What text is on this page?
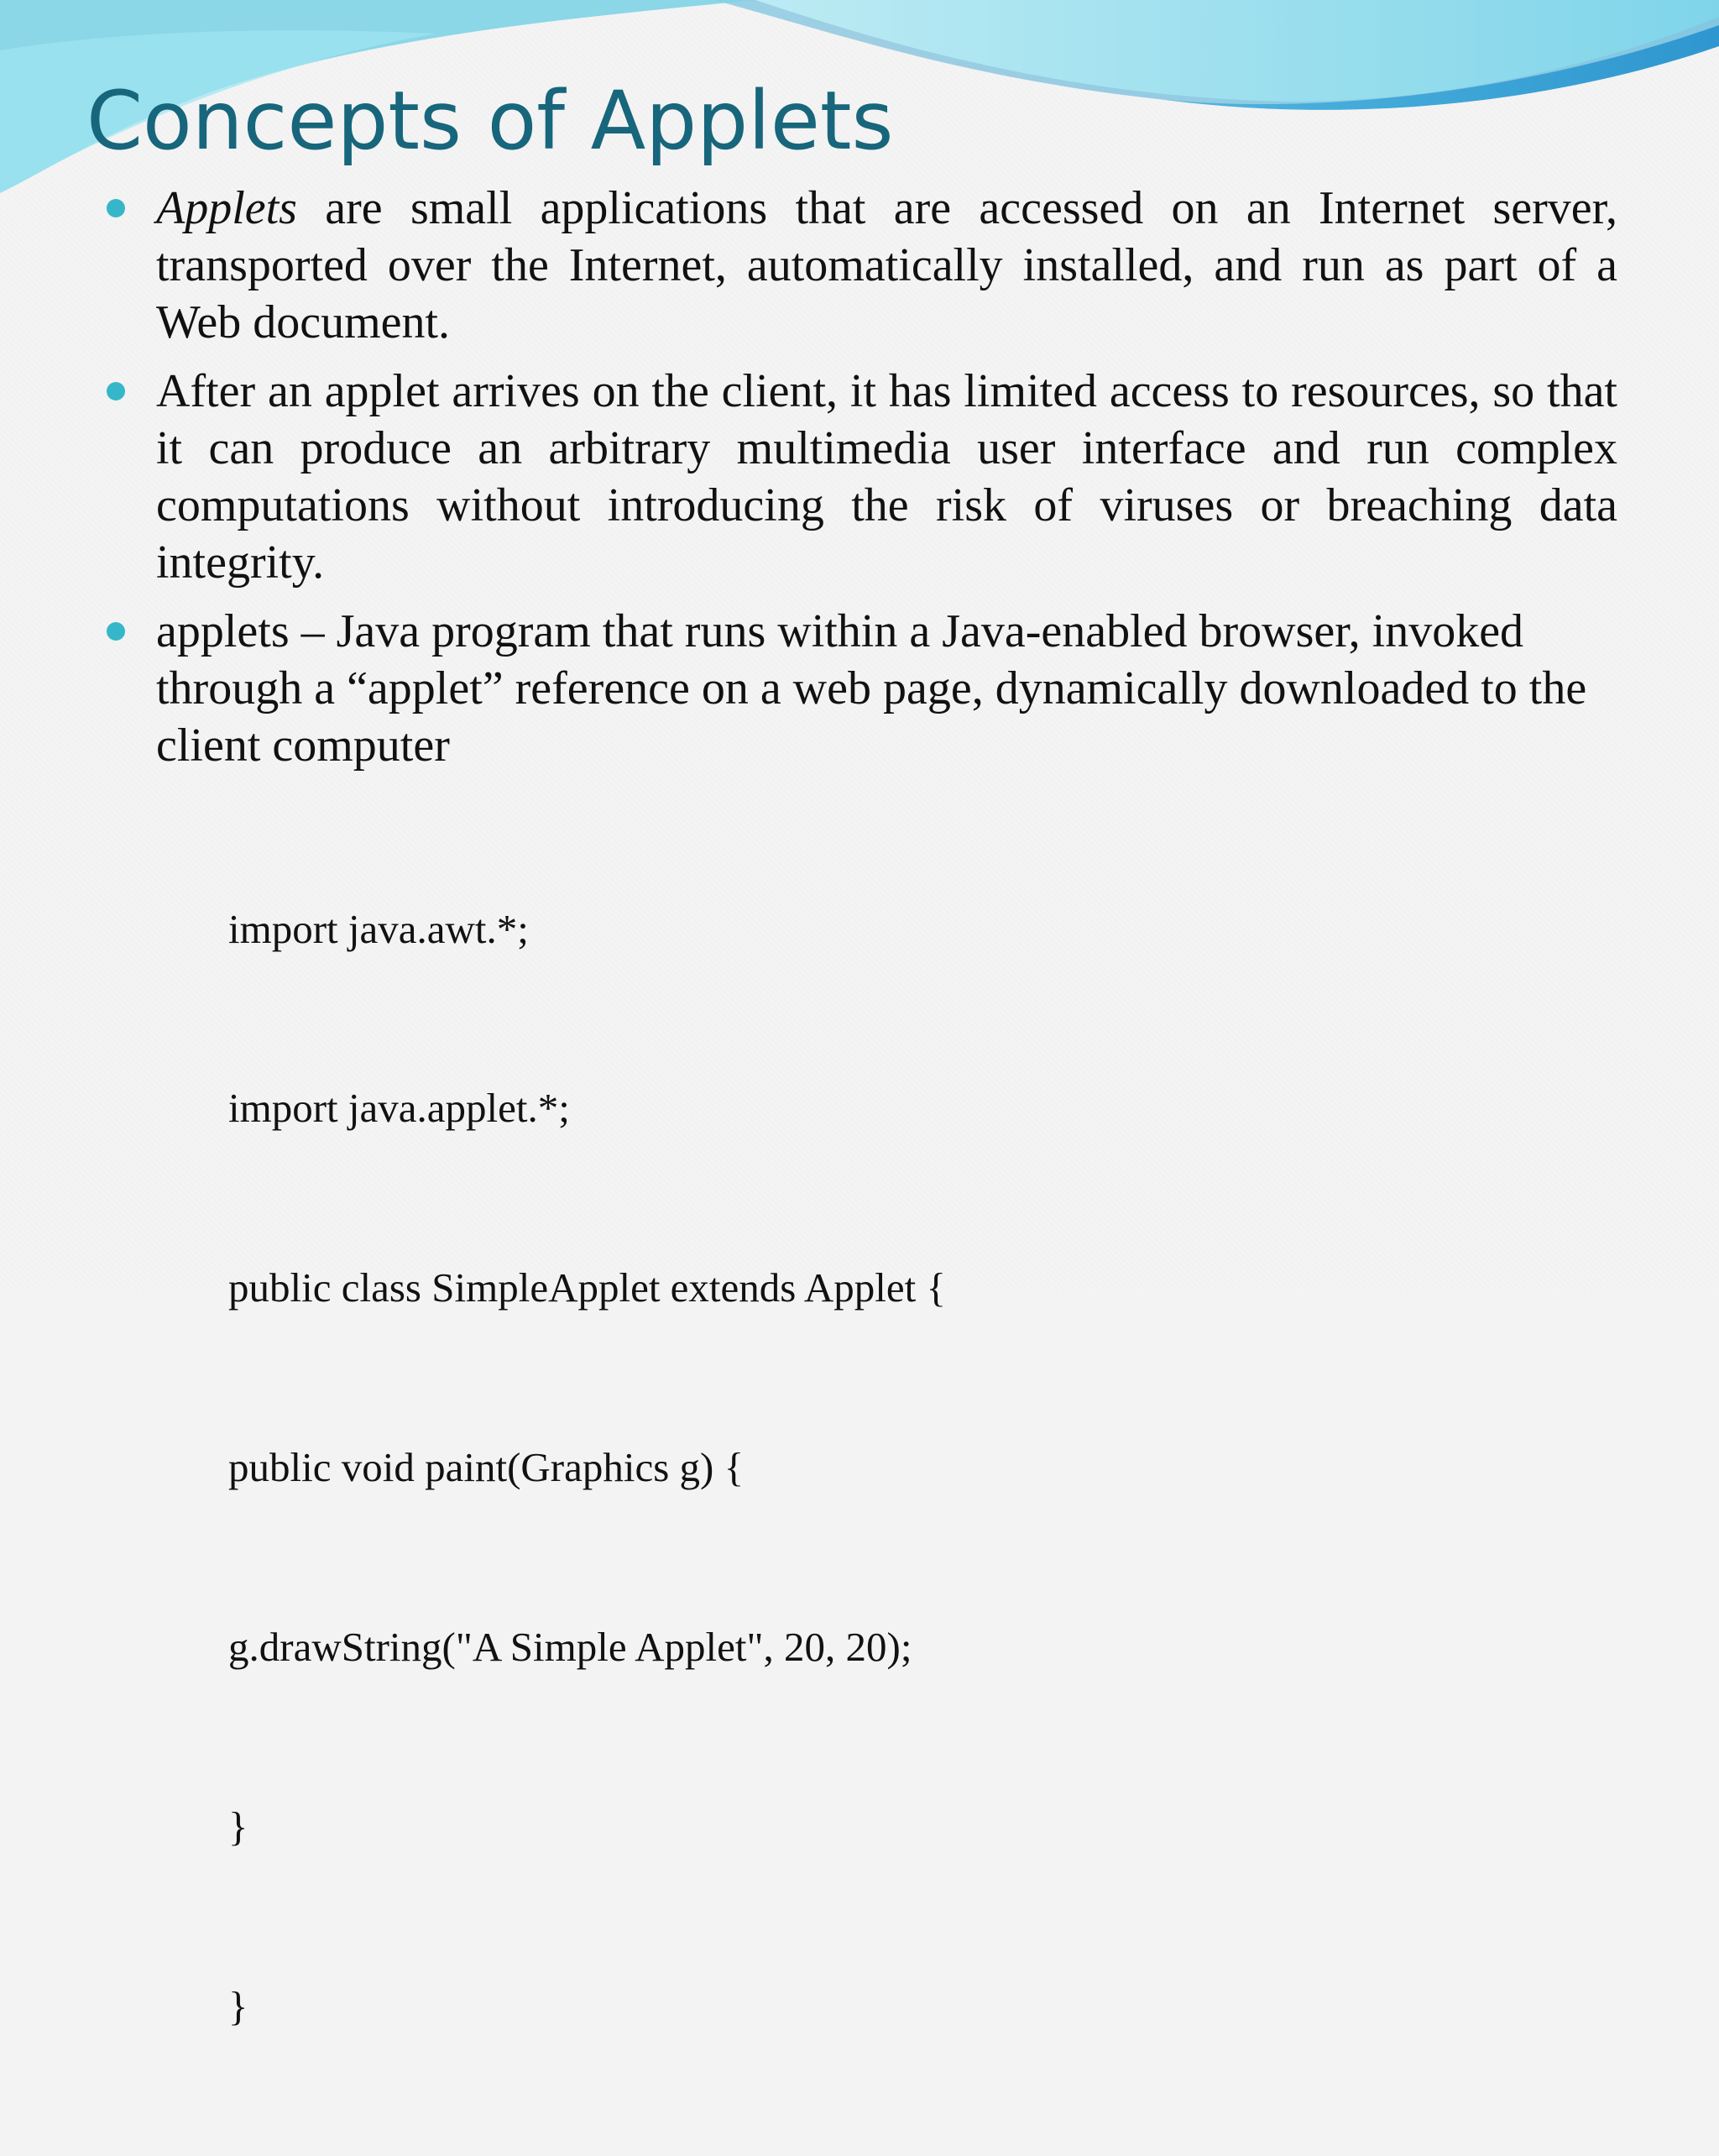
Concepts of Applets
Applets are small applications that are accessed on an Internet server, transported over the Internet, automatically installed, and run as part of a Web document.
After an applet arrives on the client, it has limited access to resources, so that it can produce an arbitrary multimedia user interface and run complex computations without introducing the risk of viruses or breaching data integrity.
applets – Java program that runs within a Java-enabled browser, invoked through a “applet” reference on a web page, dynamically downloaded to the client computer

import java.awt.*;

import java.applet.*;

public class SimpleApplet extends Applet {

public void paint(Graphics g) {

g.drawString("A Simple Applet", 20, 20);

}

}
